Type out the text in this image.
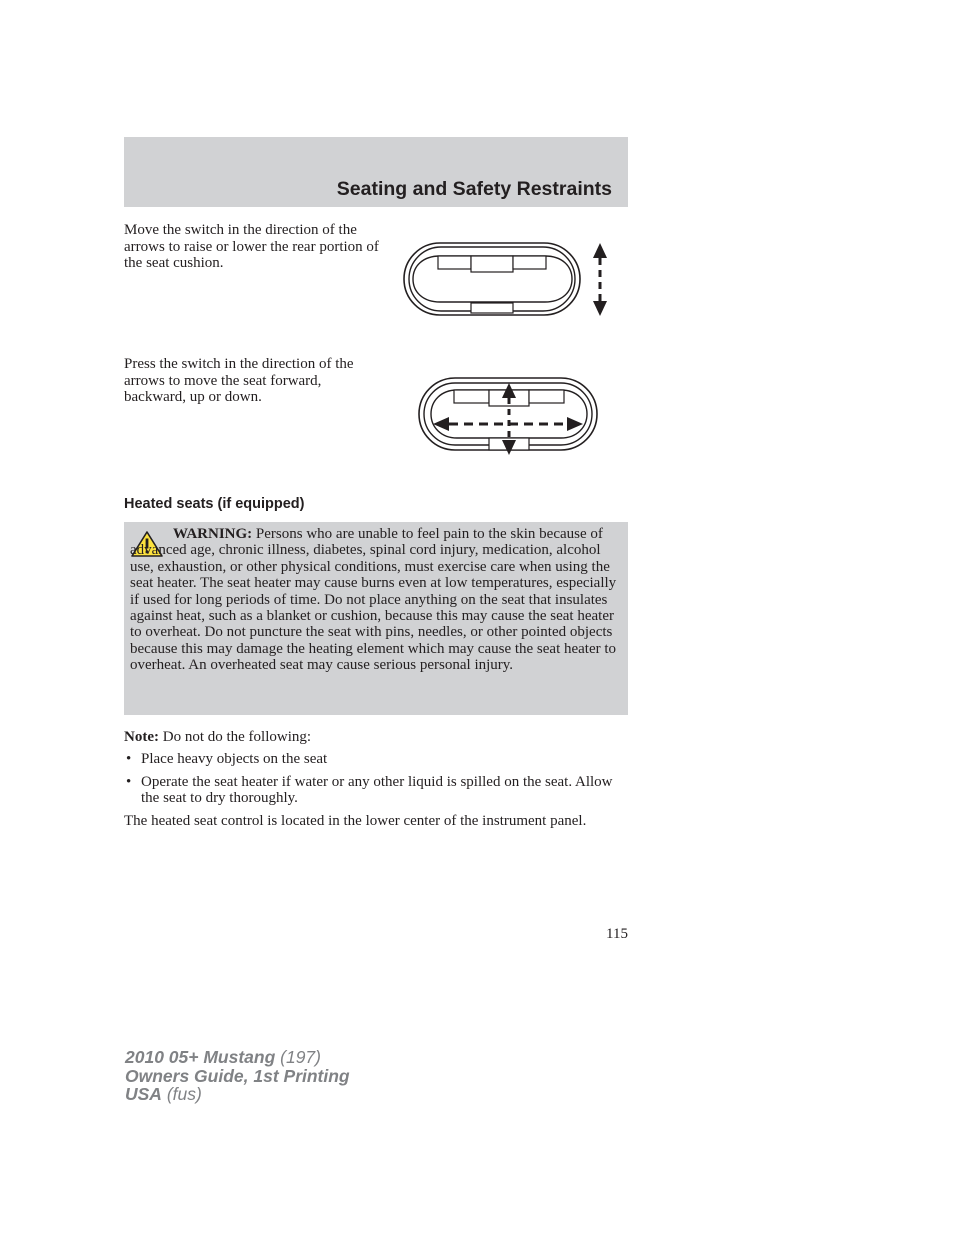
Seating and Safety Restraints
Move the switch in the direction of the arrows to raise or lower the rear portion of the seat cushion.
Press the switch in the direction of the arrows to move the seat forward, backward, up or down.
Heated seats (if equipped)
WARNING: Persons who are unable to feel pain to the skin because of advanced age, chronic illness, diabetes, spinal cord injury, medication, alcohol use, exhaustion, or other physical conditions, must exercise care when using the seat heater. The seat heater may cause burns even at low temperatures, especially if used for long periods of time. Do not place anything on the seat that insulates against heat, such as a blanket or cushion, because this may cause the seat heater to overheat. Do not puncture the seat with pins, needles, or other pointed objects because this may damage the heating element which may cause the seat heater to overheat. An overheated seat may cause serious personal injury.
Note: Do not do the following:
• Place heavy objects on the seat
• Operate the seat heater if water or any other liquid is spilled on the seat. Allow the seat to dry thoroughly.
The heated seat control is located in the lower center of the instrument panel.
115
2010 05+ Mustang (197)
Owners Guide, 1st Printing
USA (fus)
